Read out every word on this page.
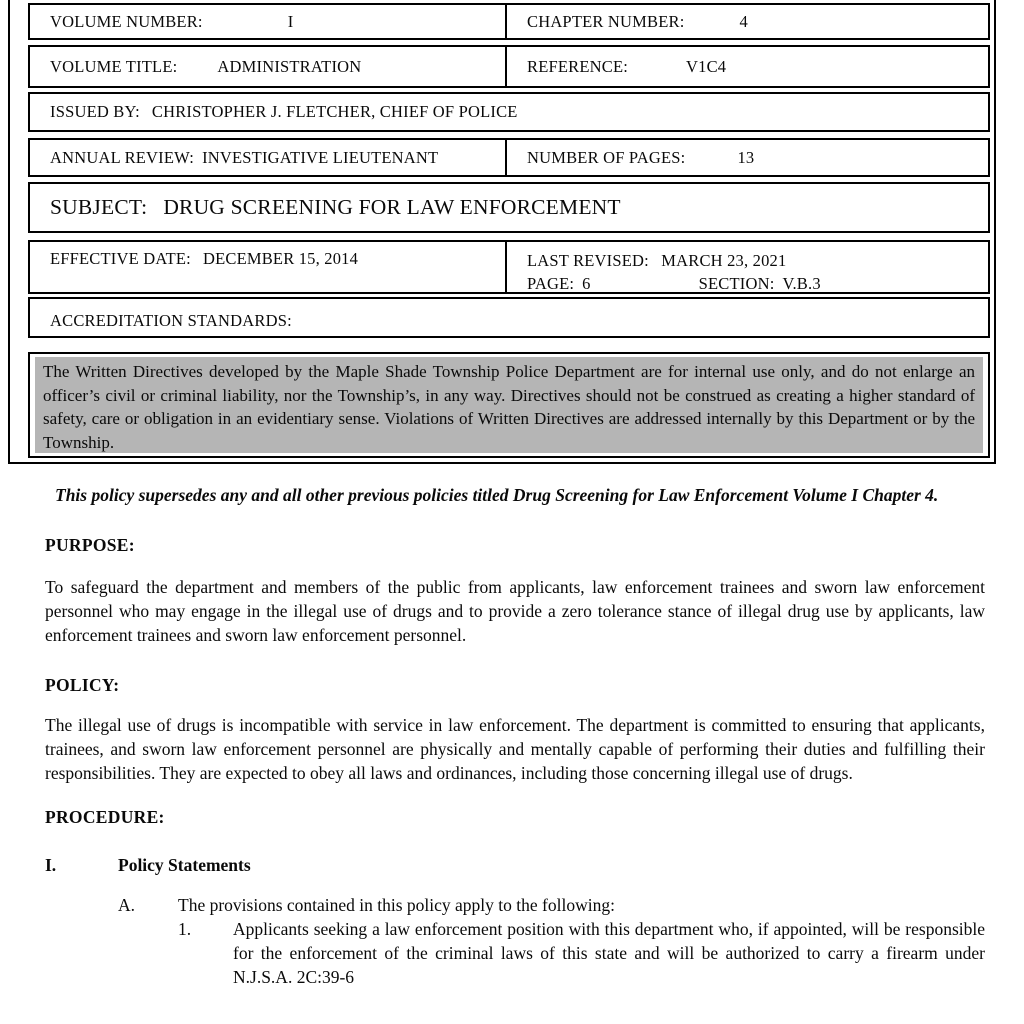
VOLUME NUMBER:	I	CHAPTER NUMBER:	4
VOLUME TITLE: ADMINISTRATION	REFERENCE:	V1C4
ISSUED BY: CHRISTOPHER J. FLETCHER, CHIEF OF POLICE
ANNUAL REVIEW: INVESTIGATIVE LIEUTENANT	NUMBER OF PAGES:	13
SUBJECT: DRUG SCREENING FOR LAW ENFORCEMENT
EFFECTIVE DATE: DECEMBER 15, 2014	LAST REVISED: MARCH 23, 2021
PAGE: 6	SECTION: V.B.3
ACCREDITATION STANDARDS:
The Written Directives developed by the Maple Shade Township Police Department are for internal use only, and do not enlarge an officer’s civil or criminal liability, nor the Township’s, in any way. Directives should not be construed as creating a higher standard of safety, care or obligation in an evidentiary sense. Violations of Written Directives are addressed internally by this Department or by the Township.

This policy supersedes any and all other previous policies titled Drug Screening for Law Enforcement Volume I Chapter 4.

PURPOSE:

To safeguard the department and members of the public from applicants, law enforcement trainees and sworn law enforcement personnel who may engage in the illegal use of drugs and to provide a zero tolerance stance of illegal drug use by applicants, law enforcement trainees and sworn law enforcement personnel.

POLICY:

The illegal use of drugs is incompatible with service in law enforcement. The department is committed to ensuring that applicants, trainees, and sworn law enforcement personnel are physically and mentally capable of performing their duties and fulfilling their responsibilities. They are expected to obey all laws and ordinances, including those concerning illegal use of drugs.

PROCEDURE:
I.	Policy Statements
A.	The provisions contained in this policy apply to the following:
1.	Applicants seeking a law enforcement position with this department who, if appointed, will be responsible for the enforcement of the criminal laws of this state and will be authorized to carry a firearm under N.J.S.A. 2C:39-6
